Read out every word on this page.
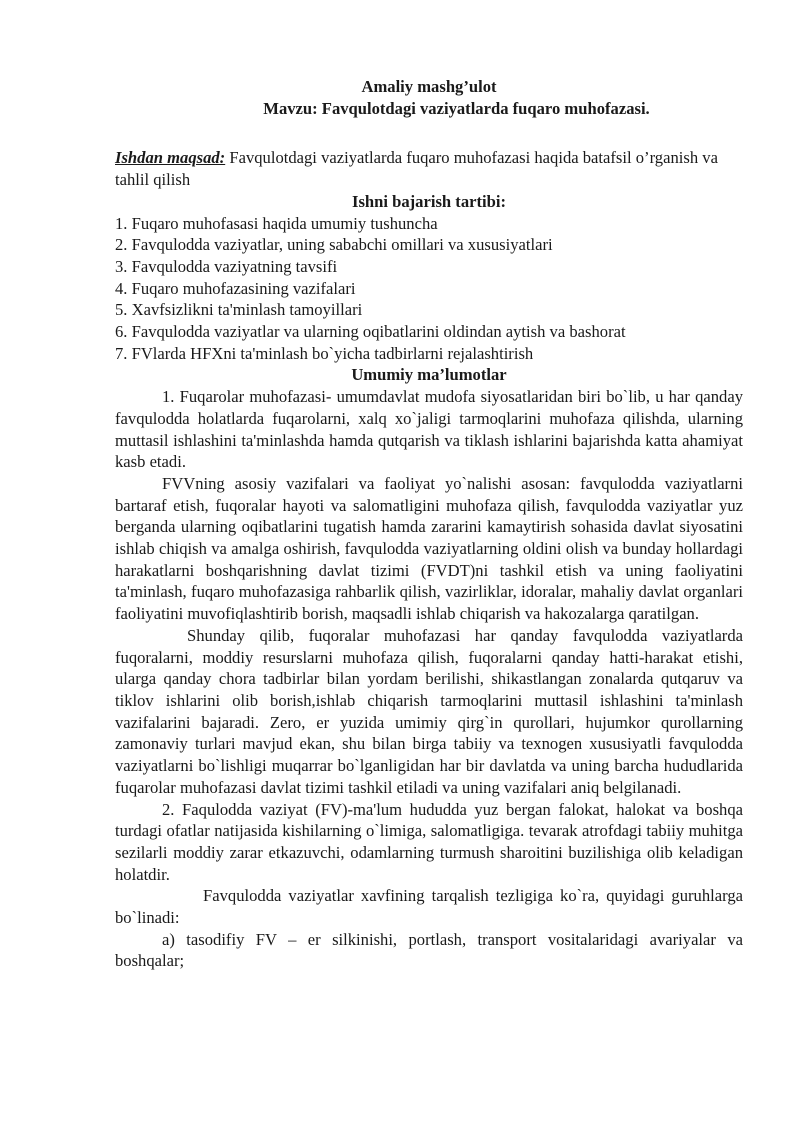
Amaliy mashg’ulot

Mavzu: Favqulotdagi vaziyatlarda fuqaro muhofazasi.

Ishdan maqsad: Favqulotdagi vaziyatlarda fuqaro muhofazasi haqida batafsil o’rganish va tahlil qilish

Ishni bajarish tartibi:

1. Fuqaro muhofasasi haqida umumiy tushuncha
2. Favqulodda vaziyatlar, uning sababchi omillari va xususiyatlari
3. Favqulodda vaziyatning tavsifi
4. Fuqaro muhofazasining vazifalari
5. Xavfsizlikni ta'minlash tamoyillari
6. Favqulodda vaziyatlar va ularning oqibatlarini oldindan aytish va bashorat
7. FVlarda HFXni ta'minlash bo`yicha tadbirlarni rejalashtirish

Umumiy ma’lumotlar

1. Fuqarolar muhofazasi- umumdavlat mudofa siyosatlaridan biri bo`lib, u har qanday favqulodda holatlarda fuqarolarni, xalq xo`jaligi tarmoqlarini muhofaza qilishda, ularning muttasil ishlashini ta'minlashda hamda qutqarish va tiklash ishlarini bajarishda katta ahamiyat kasb etadi.

FVVning asosiy vazifalari va faoliyat yo`nalishi asosan: favqulodda vaziyatlarni bartaraf etish, fuqoralar hayoti va salomatligini muhofaza qilish, favqulodda vaziyatlar yuz berganda ularning oqibatlarini tugatish hamda zararini kamaytirish sohasida davlat siyosatini ishlab chiqish va amalga oshirish, favqulodda vaziyatlarning oldini olish va bunday hollardagi harakatlarni boshqarishning davlat tizimi (FVDT)ni tashkil etish va uning faoliyatini ta'minlash, fuqaro muhofazasiga rahbarlik qilish, vazirliklar, idoralar, mahaliy davlat organlari faoliyatini muvofiqlashtirib borish, maqsadli ishlab chiqarish va hakozalarga qaratilgan.

Shunday qilib, fuqoralar muhofazasi har qanday favqulodda vaziyatlarda fuqoralarni, moddiy resurslarni muhofaza qilish, fuqoralarni qanday hatti-harakat etishi, ularga qanday chora tadbirlar bilan yordam berilishi, shikastlangan zonalarda qutqaruv va tiklov ishlarini olib borish,ishlab chiqarish tarmoqlarini muttasil ishlashini ta'minlash vazifalarini bajaradi. Zero, er yuzida umimiy qirg`in qurollari, hujumkor qurollarning zamonaviy turlari mavjud ekan, shu bilan birga tabiiy va texnogen xususiyatli favqulodda vaziyatlarni bo`lishligi muqarrar bo`lganligidan har bir davlatda va uning barcha hududlarida fuqarolar muhofazasi davlat tizimi tashkil etiladi va uning vazifalari aniq belgilanadi.

2. Faqulodda vaziyat (FV)-ma'lum hududda yuz bergan falokat, halokat va boshqa turdagi ofatlar natijasida kishilarning o`limiga, salomatligiga. tevarak atrofdagi tabiiy muhitga sezilarli moddiy zarar etkazuvchi, odamlarning turmush sharoitini buzilishiga olib keladigan holatdir.

Favqulodda vaziyatlar xavfining tarqalish tezligiga ko`ra, quyidagi guruhlarga bo`linadi:

a) tasodifiy FV – er silkinishi, portlash, transport vositalaridagi avariyalar va boshqalar;
